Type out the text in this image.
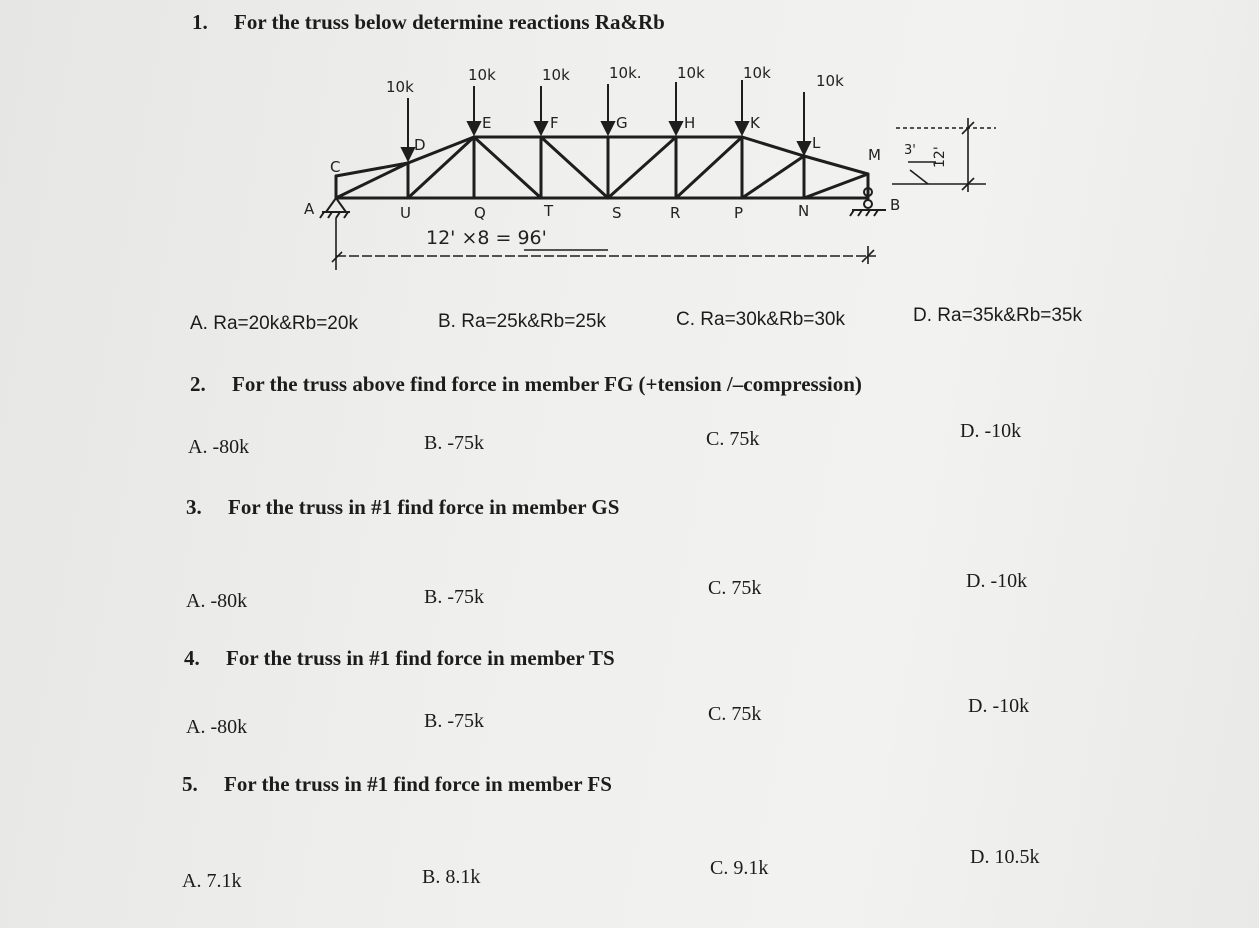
1. For the truss below determine reactions Ra&Rb
10k
10k	10k	10k. 10k	10k	10k
C
D
E	F	G	H	K
L
M
A	U	Q	T	S	R	P	N	B
12' ×8 = 96'
12'
3'
A. Ra=20k&Rb=20k	B. Ra=25k&Rb=25k	C. Ra=30k&Rb=30k	D. Ra=35k&Rb=35k
2. For the truss above find force in member FG (+tension /–compression)
A. -80k	B. -75k	C. 75k	D. -10k
3. For the truss in #1 find force in member GS
A. -80k	B. -75k	C. 75k	D. -10k
4. For the truss in #1 find force in member TS
A. -80k	B. -75k	C. 75k	D. -10k
5. For the truss in #1 find force in member FS
A. 7.1k	B. 8.1k	C. 9.1k	D. 10.5k
